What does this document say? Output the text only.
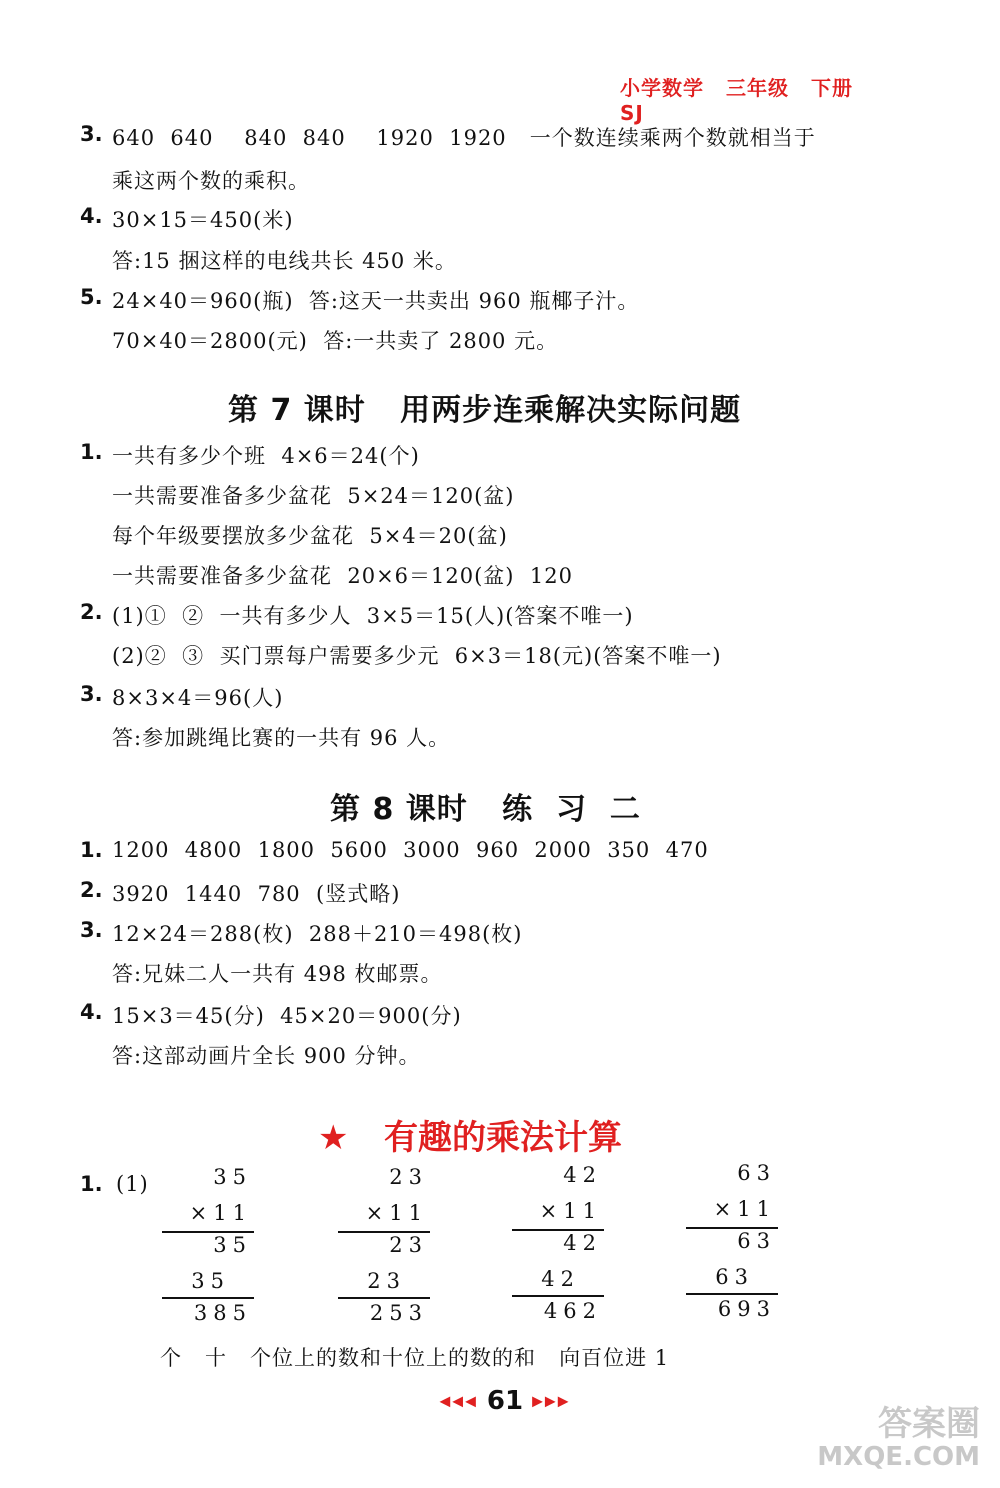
小学数学 三年级 下册SJ
3. 640  640    840  840    1920  1920   一个数连续乘两个数就相当于
乘这两个数的乘积。
4. 30×15＝450(米)
答:15 捆这样的电线共长 450 米。
5. 24×40＝960(瓶)  答:这天一共卖出 960 瓶椰子汁。
70×40＝2800(元)  答:一共卖了 2800 元。
第 7 课时   用两步连乘解决实际问题
1. 一共有多少个班  4×6＝24(个)
一共需要准备多少盆花  5×24＝120(盆)
每个年级要摆放多少盆花  5×4＝20(盆)
一共需要准备多少盆花  20×6＝120(盆)  120
2. (1)①  ②  一共有多少人  3×5＝15(人)(答案不唯一)
(2)②  ③  买门票每户需要多少元  6×3＝18(元)(答案不唯一)
3. 8×3×4＝96(人)
答:参加跳绳比赛的一共有 96 人。
第 8 课时   练  习  二
1. 1200  4800  1800  5600  3000  960  2000  350  470
2. 3920  1440  780  (竖式略)
3. 12×24＝288(枚)  288＋210＝498(枚)
答:兄妹二人一共有 498 枚邮票。
4. 15×3＝45(分)  45×20＝900(分)
答:这部动画片全长 900 分钟。
★ 有趣的乘法计算
1. (1)	35
×11
35
35
385
23
×11
23
23
253
42
×11
42
42
462
63
×11
63
63
693
个   十   个位上的数和十位上的数的和   向百位进 1
◀◀◀ 61 ▶▶▶
答案圈
MXQE.COM
